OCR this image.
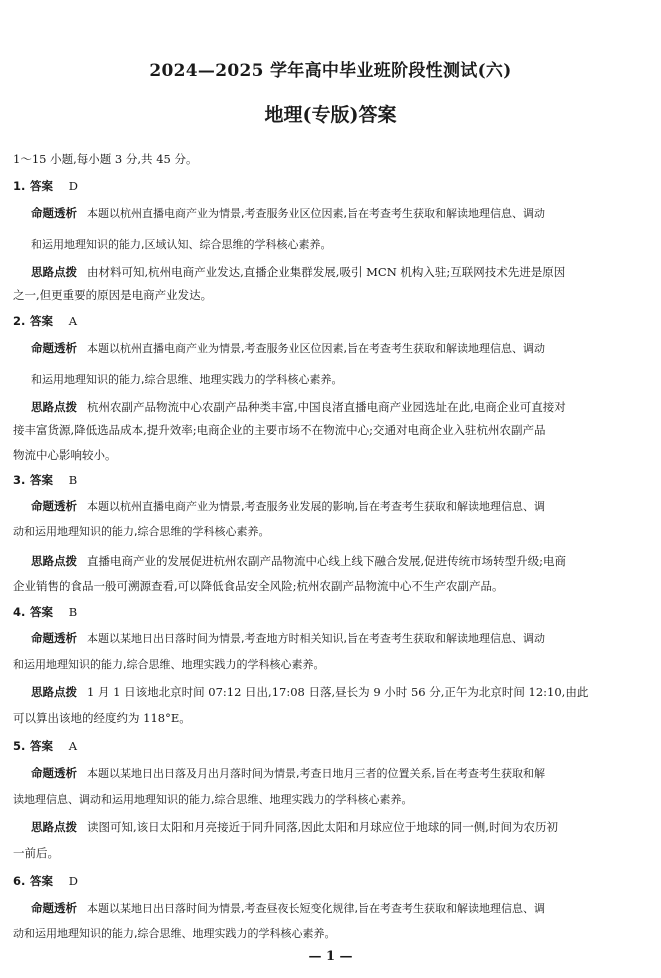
2024—2025 学年高中毕业班阶段性测试(六)
地理(专版)答案
1～15 小题,每小题 3 分,共 45 分。
1. 答案 D
命题透析 本题以杭州直播电商产业为情景,考查服务业区位因素,旨在考查考生获取和解读地理信息、调动
和运用地理知识的能力,区域认知、综合思维的学科核心素养。
思路点拨 由材料可知,杭州电商产业发达,直播企业集群发展,吸引 MCN 机构入驻;互联网技术先进是原因
之一,但更重要的原因是电商产业发达。
2. 答案 A
命题透析 本题以杭州直播电商产业为情景,考查服务业区位因素,旨在考查考生获取和解读地理信息、调动
和运用地理知识的能力,综合思维、地理实践力的学科核心素养。
思路点拨 杭州农副产品物流中心农副产品种类丰富,中国良渚直播电商产业园选址在此,电商企业可直接对
接丰富货源,降低选品成本,提升效率;电商企业的主要市场不在物流中心;交通对电商企业入驻杭州农副产品
物流中心影响较小。
3. 答案 B
命题透析 本题以杭州直播电商产业为情景,考查服务业发展的影响,旨在考查考生获取和解读地理信息、调
动和运用地理知识的能力,综合思维的学科核心素养。
思路点拨 直播电商产业的发展促进杭州农副产品物流中心线上线下融合发展,促进传统市场转型升级;电商
企业销售的食品一般可溯源查看,可以降低食品安全风险;杭州农副产品物流中心不生产农副产品。
4. 答案 B
命题透析 本题以某地日出日落时间为情景,考查地方时相关知识,旨在考查考生获取和解读地理信息、调动
和运用地理知识的能力,综合思维、地理实践力的学科核心素养。
思路点拨 1 月 1 日该地北京时间 07:12 日出,17:08 日落,昼长为 9 小时 56 分,正午为北京时间 12:10,由此
可以算出该地的经度约为 118°E。
5. 答案 A
命题透析 本题以某地日出日落及月出月落时间为情景,考查日地月三者的位置关系,旨在考查考生获取和解
读地理信息、调动和运用地理知识的能力,综合思维、地理实践力的学科核心素养。
思路点拨 读图可知,该日太阳和月亮接近于同升同落,因此太阳和月球应位于地球的同一侧,时间为农历初
一前后。
6. 答案 D
命题透析 本题以某地日出日落时间为情景,考查昼夜长短变化规律,旨在考查考生获取和解读地理信息、调
动和运用地理知识的能力,综合思维、地理实践力的学科核心素养。
— 1 —
